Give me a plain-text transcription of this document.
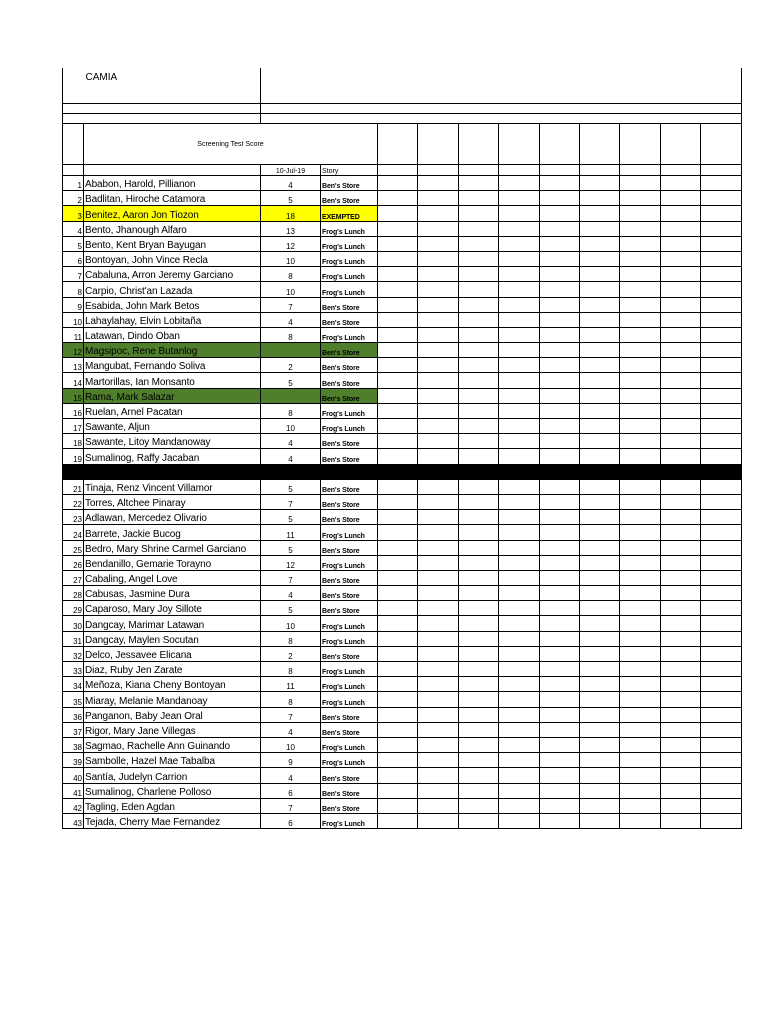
	CAMIA											

	Screening Test Score											
		10-Jul-19	Story									
1	Ababon, Harold, Pillianon	4	Ben's Store									
2	Badlitan, Hiroche Catamora	5	Ben's Store									
3	Benitez, Aaron Jon Tiozon	18	EXEMPTED									
4	Bento, Jhanough Alfaro	13	Frog's Lunch									
5	Bento, Kent Bryan Bayugan	12	Frog's Lunch									
6	Bontoyan, John Vince Recla	10	Frog's Lunch									
7	Cabaluna, Arron Jeremy Garciano	8	Frog's Lunch									
8	Carpio, Christ'an Lazada	10	Frog's Lunch									
9	Esabida, John Mark Betos	7	Ben's Store									
10	Lahaylahay, Elvin Lobitaña	4	Ben's Store									
11	Latawan, Dindo Oban	8	Frog's Lunch									
12	Magsipoc, Rene Butanlog		Ben's Store									
13	Mangubat, Fernando Soliva	2	Ben's Store									
14	Martorillas, Ian Monsanto	5	Ben's Store									
15	Rama, Mark Salazar		Ben's Store									
16	Ruelan, Arnel Pacatan	8	Frog's Lunch									
17	Sawante, Aljun	10	Frog's Lunch									
18	Sawante, Litoy Mandanoway	4	Ben's Store									
19	Sumalinog, Raffy Jacaban	4	Ben's Store									

21	Tinaja, Renz Vincent Villamor	5	Ben's Store									
22	Torres, Altchee Pinaray	7	Ben's Store									
23	Adlawan, Mercedez Olivario	5	Ben's Store									
24	Barrete, Jackie Bucog	11	Frog's Lunch									
25	Bedro, Mary Shrine Carmel Garciano	5	Ben's Store									
26	Bendanillo, Gemarie Torayno	12	Frog's Lunch									
27	Cabaling, Angel Love	7	Ben's Store									
28	Cabusas, Jasmine Dura	4	Ben's Store									
29	Caparoso, Mary Joy Sillote	5	Ben's Store									
30	Dangcay, Marimar Latawan	10	Frog's Lunch									
31	Dangcay, Maylen Socutan	8	Frog's Lunch									
32	Delco, Jessavee Elicana	2	Ben's Store									
33	Diaz, Ruby Jen Zarate	8	Frog's Lunch									
34	Meñoza, Kiana Cheny Bontoyan	11	Frog's Lunch									
35	Miaray, Melanie Mandanoay	8	Frog's Lunch									
36	Panganon, Baby Jean Oral	7	Ben's Store									
37	Rigor, Mary Jane Villegas	4	Ben's Store									
38	Sagmao, Rachelle Ann Guinando	10	Frog's Lunch									
39	Sambolle, Hazel Mae Tabalba	9	Frog's Lunch									
40	Santía, Judelyn Carrion	4	Ben's Store									
41	Sumalinog, Charlene Polloso	6	Ben's Store									
42	Tagling, Eden Agdan	7	Ben's Store									
43	Tejada, Cherry Mae Fernandez	6	Frog's Lunch									
